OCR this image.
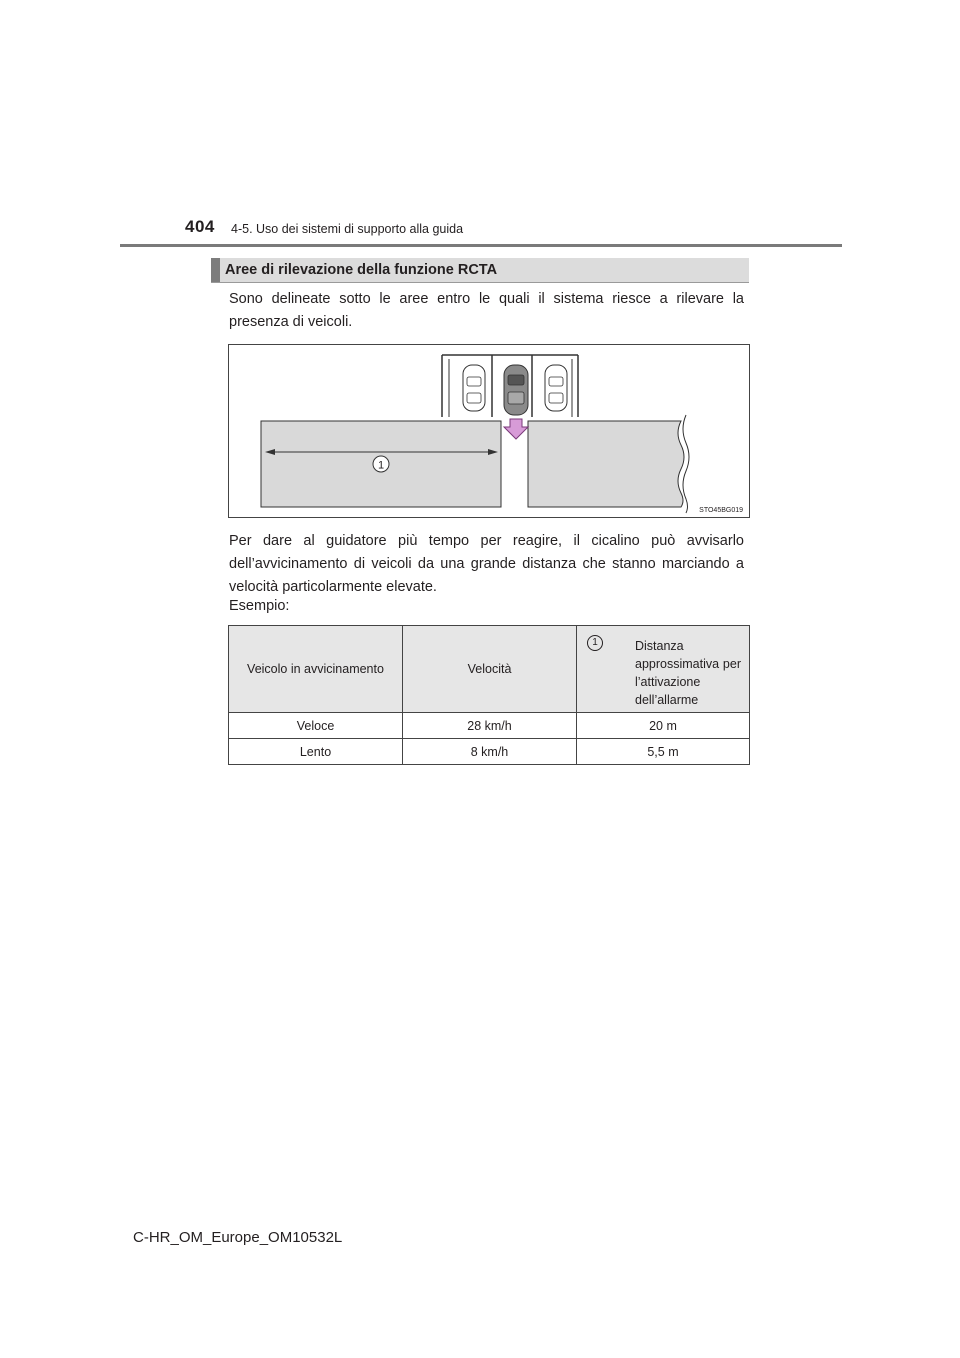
404 4-5. Uso dei sistemi di supporto alla guida
Aree di rilevazione della funzione RCTA
Sono delineate sotto le aree entro le quali il sistema riesce a rilevare la presenza di veicoli.
1
STO45BG019
Per dare al guidatore più tempo per reagire, il cicalino può avvisarlo dell’avvicinamento di veicoli da una grande distanza che stanno marciando a velocità particolarmente elevate.
Esempio:
Veicolo in avvicinamento	Velocità	1 Distanza approssimativa per l’attivazione dell’allarme

Veloce	28 km/h	20 m
Lento	8 km/h	5,5 m
C-HR_OM_Europe_OM10532L
